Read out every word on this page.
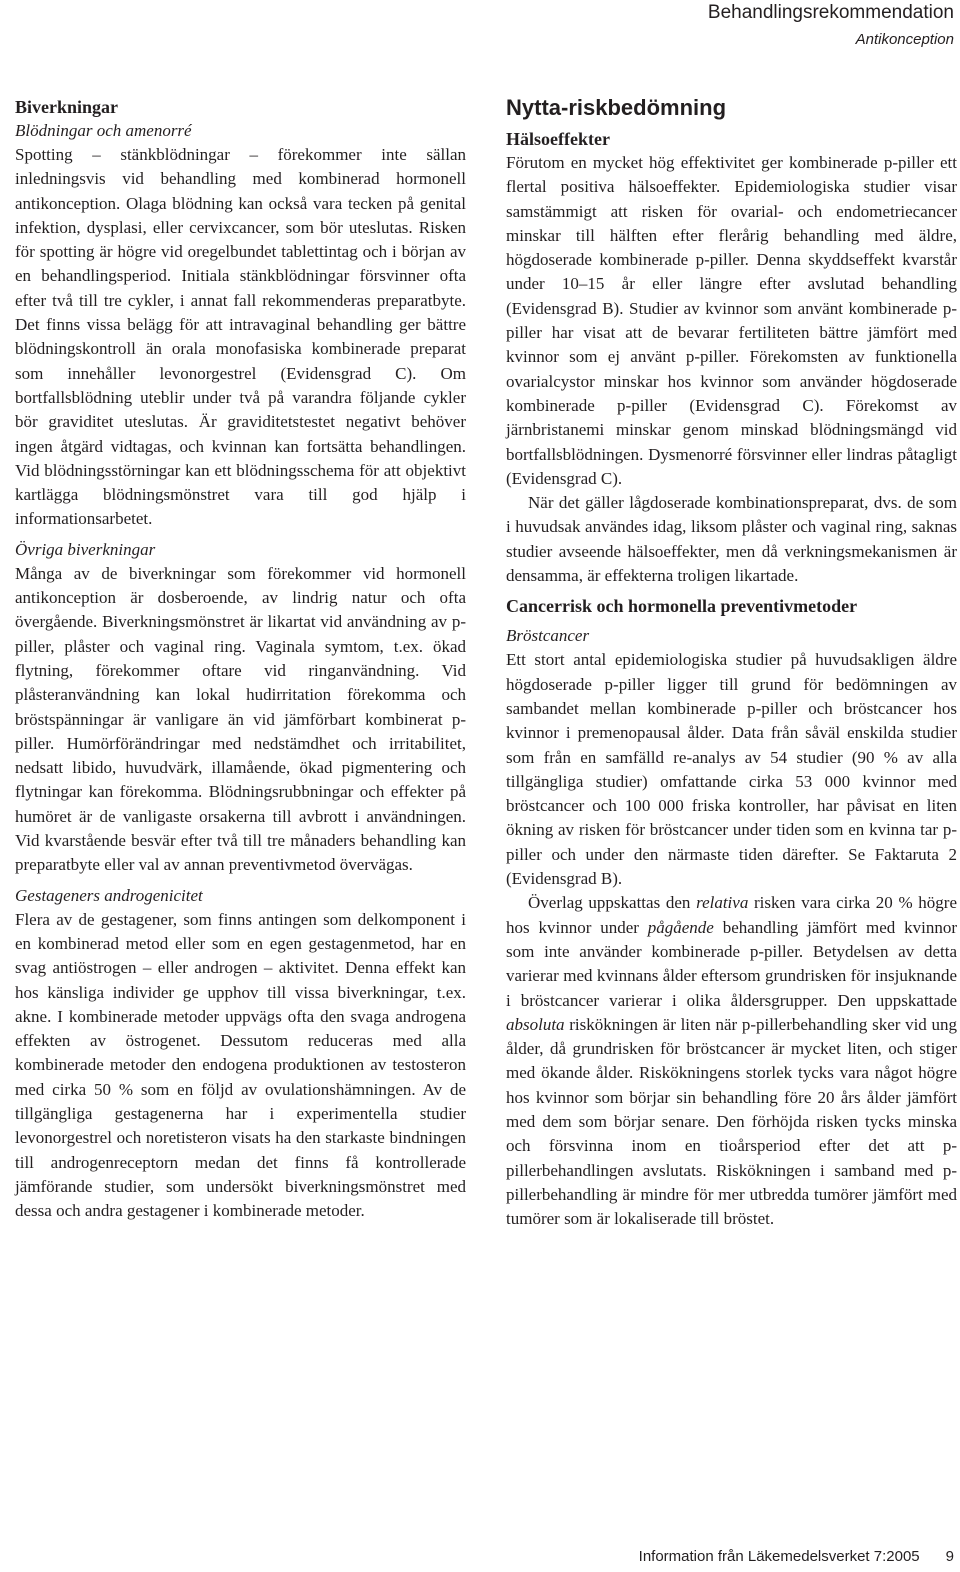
Behandlingsrekommendation
Antikonception
Biverkningar
Blödningar och amenorré

Spotting – stänkblödningar – förekommer inte sällan inledningsvis vid behandling med kombinerad hormonell antikonception. Olaga blödning kan också vara tecken på genital infektion, dysplasi, eller cervixcancer, som bör uteslutas. Risken för spotting är högre vid oregelbundet tablettintag och i början av en behandlingsperiod. Initiala stänkblödningar försvinner ofta efter två till tre cykler, i annat fall rekommenderas preparatbyte. Det finns vissa belägg för att intravaginal behandling ger bättre blödningskontroll än orala monofasiska kombinerade preparat som innehåller levonorgestrel (Evidensgrad C). Om bortfallsblödning uteblir under två på varandra följande cykler bör graviditet uteslutas. Är graviditetstestet negativt behöver ingen åtgärd vidtagas, och kvinnan kan fortsätta behandlingen. Vid blödningsstörningar kan ett blödningsschema för att objektivt kartlägga blödningsmönstret vara till god hjälp i informationsarbetet.

Övriga biverkningar

Många av de biverkningar som förekommer vid hormonell antikonception är dosberoende, av lindrig natur och ofta övergående. Biverkningsmönstret är likartat vid användning av p-piller, plåster och vaginal ring. Vaginala symtom, t.ex. ökad flytning, förekommer oftare vid ringanvändning. Vid plåsteranvändning kan lokal hudirritation förekomma och bröstspänningar är vanligare än vid jämförbart kombinerat p-piller. Humörförändringar med nedstämdhet och irritabilitet, nedsatt libido, huvudvärk, illamående, ökad pigmentering och flytningar kan förekomma. Blödningsrubbningar och effekter på humöret är de vanligaste orsakerna till avbrott i användningen. Vid kvarstående besvär efter två till tre månaders behandling kan preparatbyte eller val av annan preventivmetod övervägas.

Gestageners androgenicitet

Flera av de gestagener, som finns antingen som delkomponent i en kombinerad metod eller som en egen gestagenmetod, har en svag antiöstrogen – eller androgen – aktivitet. Denna effekt kan hos känsliga individer ge upphov till vissa biverkningar, t.ex. akne. I kombinerade metoder uppvägs ofta den svaga androgena effekten av östrogenet. Dessutom reduceras med alla kombinerade metoder den endogena produktionen av testosteron med cirka 50 % som en följd av ovulationshämningen. Av de tillgängliga gestagenerna har i experimentella studier levonorgestrel och noretisteron visats ha den starkaste bindningen till androgenreceptorn medan det finns få kontrollerade jämförande studier, som undersökt biverkningsmönstret med dessa och andra gestagener i kombinerade metoder.

Nytta-riskbedömning
Hälsoeffekter

Förutom en mycket hög effektivitet ger kombinerade p-piller ett flertal positiva hälsoeffekter. Epidemiologiska studier visar samstämmigt att risken för ovarial- och endometriecancer minskar till hälften efter flerårig behandling med äldre, högdoserade kombinerade p-piller. Denna skyddseffekt kvarstår under 10–15 år eller längre efter avslutad behandling (Evidensgrad B). Studier av kvinnor som använt kombinerade p-piller har visat att de bevarar fertiliteten bättre jämfört med kvinnor som ej använt p-piller. Förekomsten av funktionella ovarialcystor minskar hos kvinnor som använder högdoserade kombinerade p-piller (Evidensgrad C). Förekomst av järnbristanemi minskar genom minskad blödningsmängd vid bortfallsblödningen. Dysmenorré försvinner eller lindras påtagligt (Evidensgrad C).

När det gäller lågdoserade kombinationspreparat, dvs. de som i huvudsak användes idag, liksom plåster och vaginal ring, saknas studier avseende hälsoeffekter, men då verkningsmekanismen är densamma, är effekterna troligen likartade.

Cancerrisk och hormonella preventivmetoder
Bröstcancer

Ett stort antal epidemiologiska studier på huvudsakligen äldre högdoserade p-piller ligger till grund för bedömningen av sambandet mellan kombinerade p-piller och bröstcancer hos kvinnor i premenopausal ålder. Data från såväl enskilda studier som från en samfälld re-analys av 54 studier (90 % av alla tillgängliga studier) omfattande cirka 53 000 kvinnor med bröstcancer och 100 000 friska kontroller, har påvisat en liten ökning av risken för bröstcancer under tiden som en kvinna tar p-piller och under den närmaste tiden därefter. Se Faktaruta 2 (Evidensgrad B).

Överlag uppskattas den relativa risken vara cirka 20 % högre hos kvinnor under pågående behandling jämfört med kvinnor som inte använder kombinerade p-piller. Betydelsen av detta varierar med kvinnans ålder eftersom grundrisken för insjuknande i bröstcancer varierar i olika åldersgrupper. Den uppskattade absoluta riskökningen är liten när p-pillerbehandling sker vid ung ålder, då grundrisken för bröstcancer är mycket liten, och stiger med ökande ålder. Riskökningens storlek tycks vara något högre hos kvinnor som börjar sin behandling före 20 års ålder jämfört med dem som börjar senare. Den förhöjda risken tycks minska och försvinna inom en tioårsperiod efter det att p-pillerbehandlingen avslutats. Riskökningen i samband med p-pillerbehandling är mindre för mer utbredda tumörer jämfört med tumörer som är lokaliserade till bröstet.

Information från Läkemedelsverket 7:2005 9
